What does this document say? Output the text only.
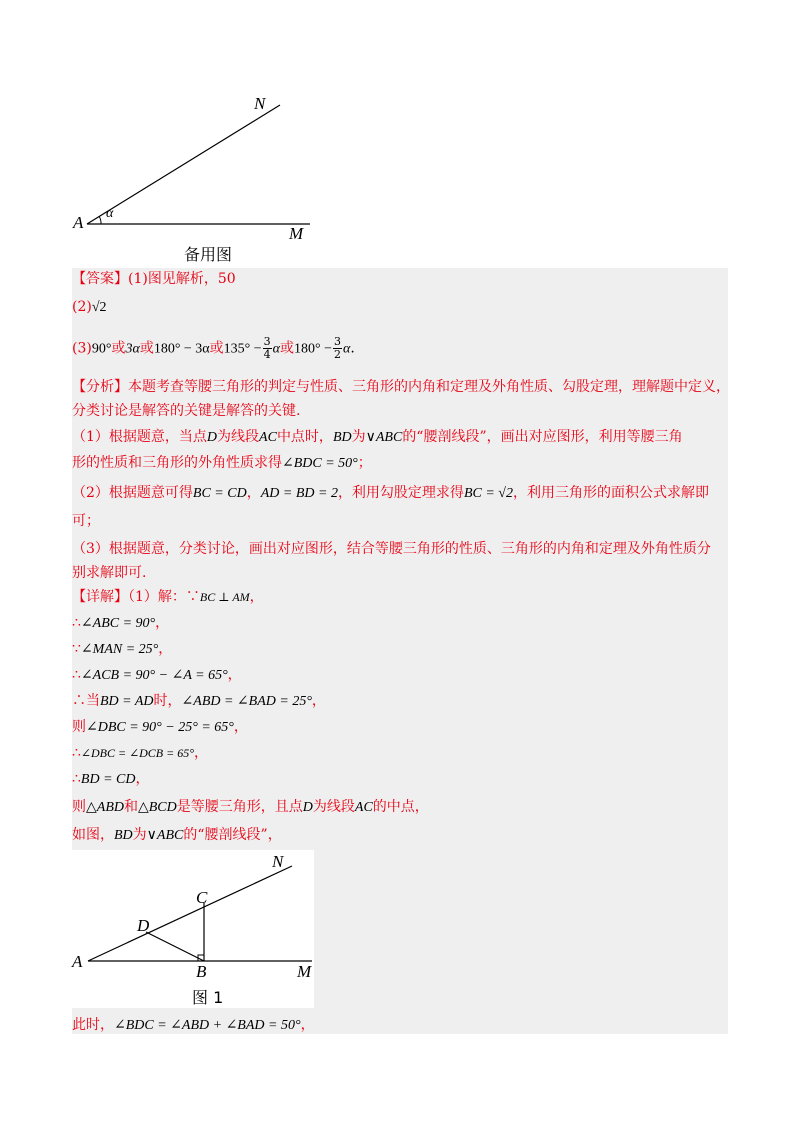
N
A α
M
备用图
【答案】(1)图见解析，50
(2)√2
(3)90°或3α或180° − 3α或$135^\circ - \frac{3}{4}$ α或$180^\circ - \frac{3}{2} \alpha$.
【分析】本题考查等腰三角形的判定与性质、三角形的内角和定理及外角性质、勾股定理，理解题中定义，
分类讨论是解答的关键是解答的关键.
（1）根据题意，当点D为线段AC中点时，BD为∨ABC的“腰剖线段”，画出对应图形，利用等腰三角
形的性质和三角形的外角性质求得∠BDC = 50°；
（2）根据题意可得BC = CD，AD = BD = 2，利用勾股定理求得BC = √2，利用三角形的面积公式求解即
可；
（3）根据题意，分类讨论，画出对应图形，结合等腰三角形的性质、三角形的内角和定理及外角性质分
别求解即可.
【详解】（1）解：∵BC ⊥ AM，
∴∠ABC = 90°，
∵∠MAN = 25°，
∴∠ACB = 90° − ∠A = 65°，
∴当BD = AD时，∠ABD = ∠BAD = 25°，
则∠DBC = 90° − 25° = 65°，
∴∠DBC = ∠DCB = 65°，
∴BD = CD，
则△ABD和△BCD是等腰三角形，且点D为线段AC的中点，
如图，BD为∨ABC的“腰剖线段”，
N
C
D
A
B	M
图 1
此时，∠BDC = ∠ABD + ∠BAD = 50°，
